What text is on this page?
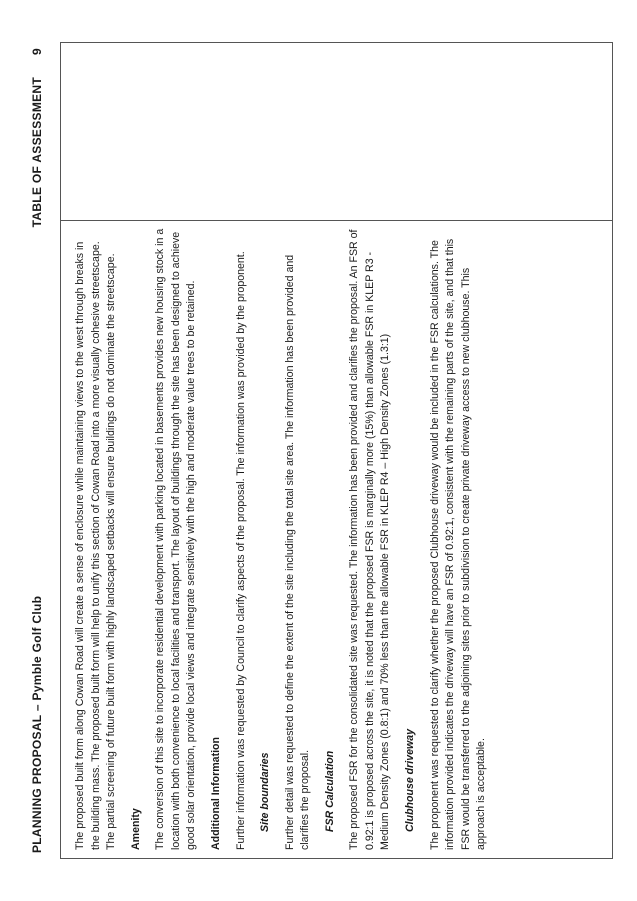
PLANNING PROPOSAL – Pymble Golf Club
TABLE OF ASSESSMENT9

The proposed built form along Cowan Road will create a sense of enclosure while maintaining views to the west through breaks in the building mass. The proposed built form will help to unify this section of Cowan Road into a more visually cohesive streetscape. The partial screening of future built form with highly landscaped setbacks will ensure buildings do not dominate the streetscape. Amenity The conversion of this site to incorporate residential development with parking located in basements provides new housing stock in a location with both convenience to local facilities and transport. The layout of buildings through the site has been designed to achieve good solar orientation, provide local views and integrate sensitively with the high and moderate value trees to be retained. Additional Information Further information was requested by Council to clarify aspects of the proposal. The information was provided by the proponent. Site boundaries Further detail was requested to define the extent of the site including the total site area. The information has been provided and clarifies the proposal. FSR Calculation The proposed FSR for the consolidated site was requested. The information has been provided and clarifies the proposal. An FSR of 0.92:1 is proposed across the site, it is noted that the proposed FSR is marginally more (15%) than allowable FSR in KLEP R3 - Medium Density Zones (0.8:1) and 70% less than the allowable FSR in KLEP R4 – High Density Zones (1.3:1) Clubhouse driveway The proponent was requested to clarify whether the proposed Clubhouse driveway would be included in the FSR calculations. The information provided indicates the driveway will have an FSR of 0.92:1, consistent with the remaining parts of the site, and that this FSR would be transferred to the adjoining sites prior to subdivision to create private driveway access to new clubhouse. This approach is acceptable.
